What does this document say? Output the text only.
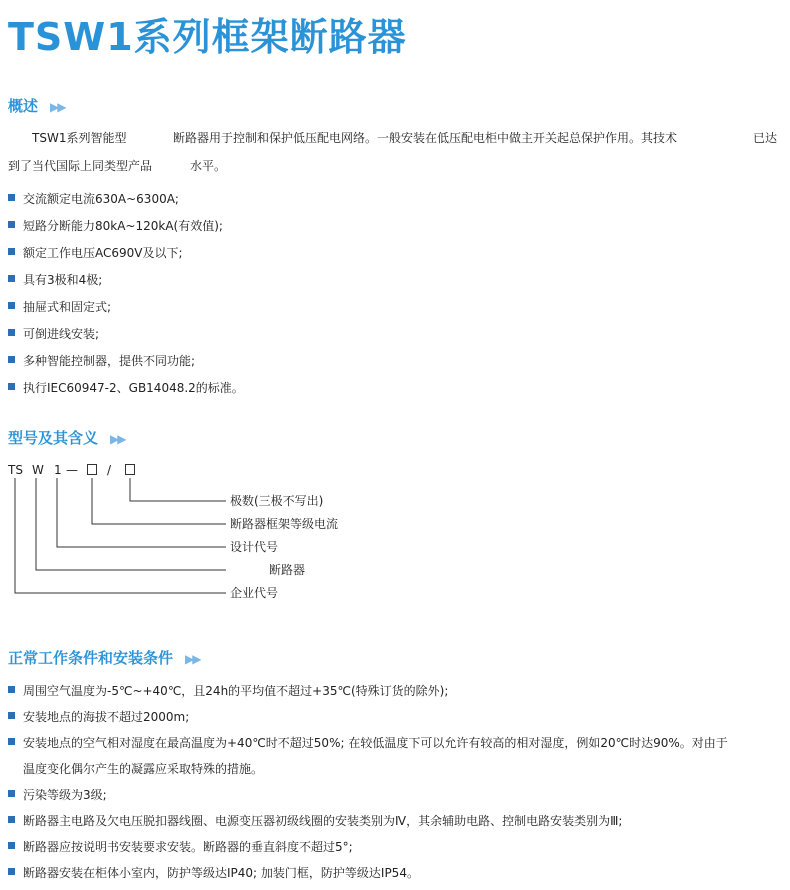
TSW1系列框架断路器
概述 ▶
▶
TSW1系列智能型	断路器用于控制和保护低压配电网络。一般安装在低压配电柜中做主开关起总保护作用。其技术	已达
到了当代国际上同类型产品	水平。
交流额定电流630A~6300A;
短路分断能力80kA~120kA(有效值);
额定工作电压AC690V及以下;
具有3极和4极;
抽屉式和固定式;
可倒进线安装;
多种智能控制器，提供不同功能;
执行IEC60947-2、GB14048.2的标准。
型号及其含义 ▶
▶
TS W 1 — /
极数(三极不写出)
断路器框架等级电流
设计代号
断路器
企业代号
正常工作条件和安装条件 ▶
▶
周围空气温度为-5℃~+40℃，且24h的平均值不超过+35℃(特殊订货的除外);
安装地点的海拔不超过2000m;
安装地点的空气相对湿度在最高温度为+40℃时不超过50%; 在较低温度下可以允许有较高的相对湿度，例如20℃时达90%。对由于
温度变化偶尔产生的凝露应采取特殊的措施。
污染等级为3级;
断路器主电路及欠电压脱扣器线圈、电源变压器初级线圈的安装类别为Ⅳ，其余辅助电路、控制电路安装类别为Ⅲ;
断路器应按说明书安装要求安装。断路器的垂直斜度不超过5°;
断路器安装在柜体小室内，防护等级达IP40; 加装门框，防护等级达IP54。
